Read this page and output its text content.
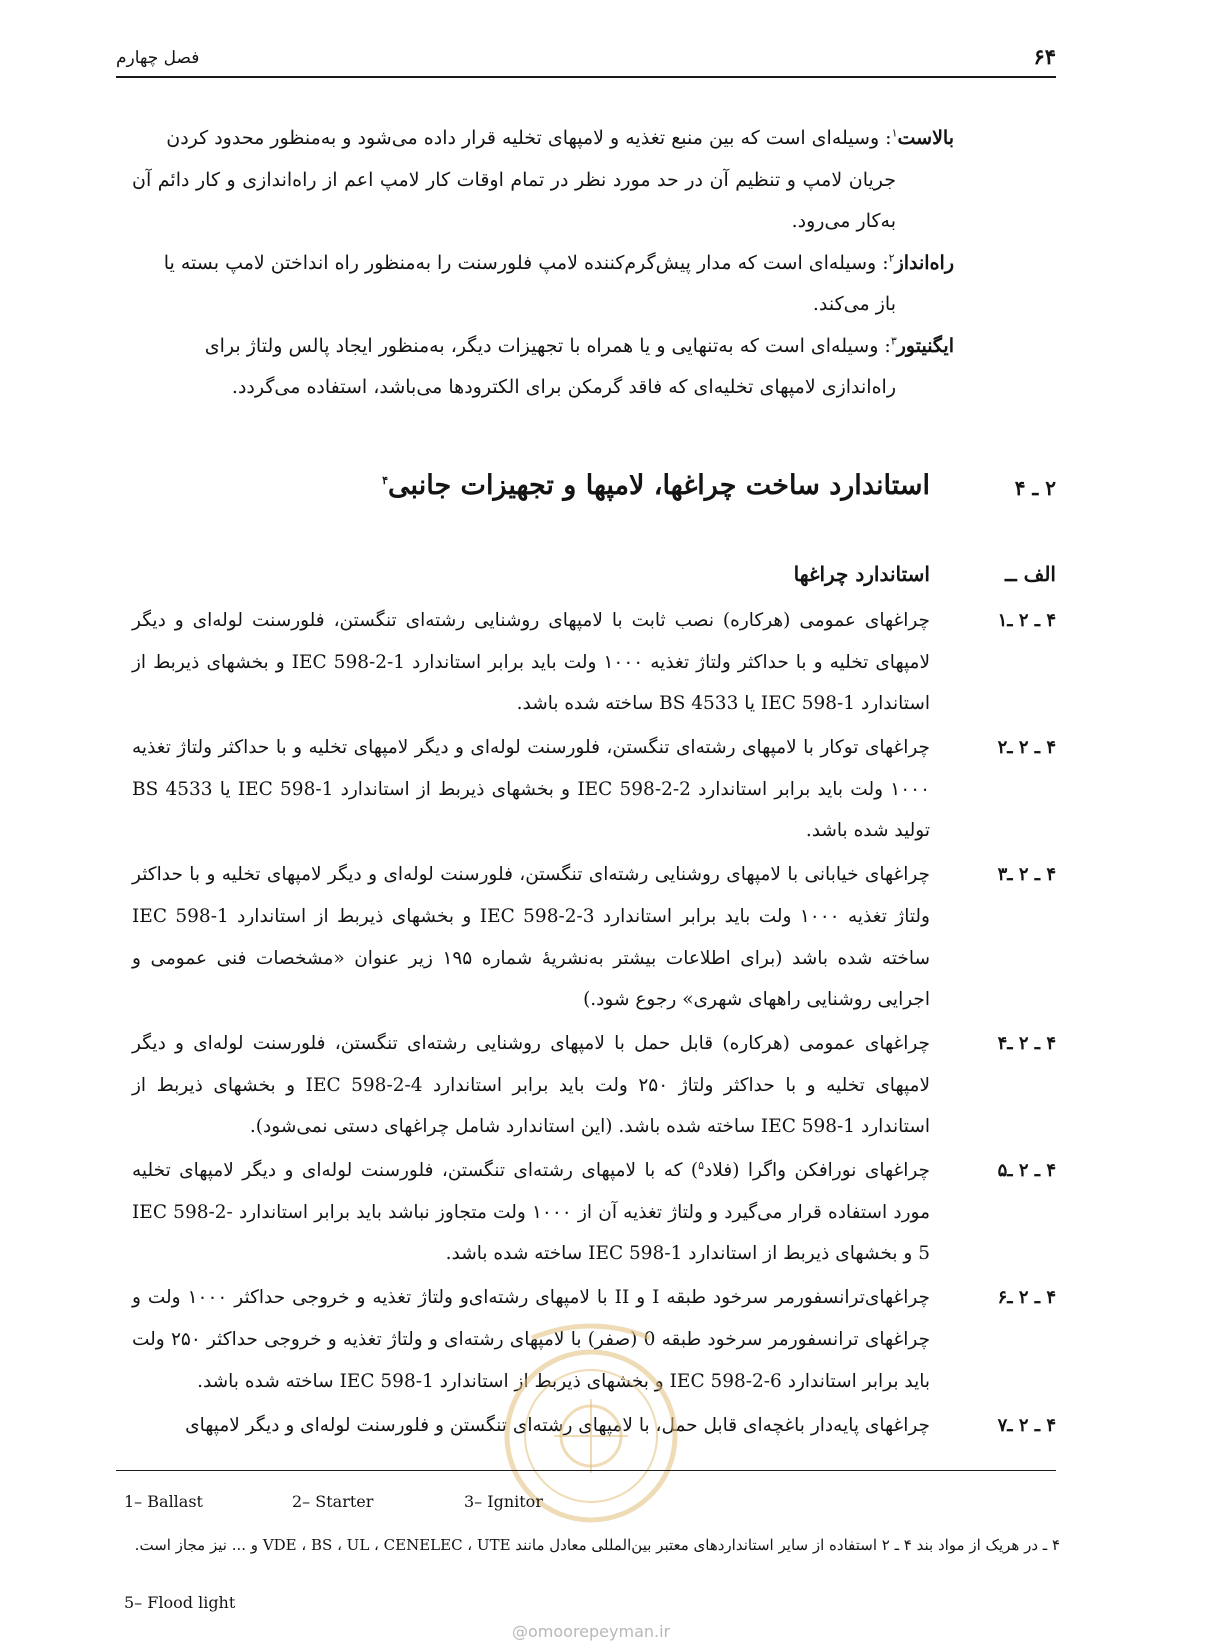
۶۴
فصل چهارم

بالاست$^۱$: وسیله‌ای است که بین منبع تغذیه و لامپهای تخلیه قرار داده می‌شود و به‌منظور محدود کردن
جریان لامپ و تنظیم آن در حد مورد نظر در تمام اوقات کار لامپ اعم از راه‌اندازی و کار دائم آن به‌کار می‌رود.

راه‌انداز$^۲$: وسیله‌ای است که مدار پیش‌گرم‌کننده لامپ فلورسنت را به‌منظور راه انداختن لامپ بسته یا
باز می‌کند.

ایگنیتور$^۳$: وسیله‌ای است که به‌تنهایی و یا همراه با تجهیزات دیگر، به‌منظور ایجاد پالس ولتاژ برای
راه‌اندازی لامپهای تخلیه‌ای که فاقد گرمکن برای الکترودها می‌باشد، استفاده می‌گردد.

۲ ـ ۴
استاندارد ساخت چراغها، لامپها و تجهیزات جانبی$^۴$
الف ــ
استاندارد چراغها

۴ ـ ۲ ـ۱
چراغهای عمومی (هرکاره) نصب ثابت با لامپهای روشنایی رشته‌ای تنگستن، فلورسنت لوله‌ای و دیگر لامپهای تخلیه و با حداکثر ولتاژ تغذیه ۱۰۰۰ ولت باید برابر استاندارد IEC 598-2-1 و بخشهای ذیربط از استاندارد IEC 598-1 یا BS 4533 ساخته شده باشد.

۴ ـ ۲ ـ۲
چراغهای توکار با لامپهای رشته‌ای تنگستن، فلورسنت لوله‌ای و دیگر لامپهای تخلیه و با حداکثر ولتاژ تغذیه ۱۰۰۰ ولت باید برابر استاندارد IEC 598-2-2 و بخشهای ذیربط از استاندارد IEC 598-1 یا BS 4533 تولید شده باشد.

۴ ـ ۲ ـ۳
چراغهای خیابانی با لامپهای روشنایی رشته‌ای تنگستن، فلورسنت لوله‌ای و دیگر لامپهای تخلیه و با حداکثر ولتاژ تغذیه ۱۰۰۰ ولت باید برابر استاندارد IEC 598-2-3 و بخشهای ذیربط از استاندارد IEC 598-1 ساخته شده باشد (برای اطلاعات بیشتر به‌نشریهٔ شماره ۱۹۵ زیر عنوان «مشخصات فنی عمومی و اجرایی روشنایی راههای شهری» رجوع شود.)

۴ ـ ۲ ـ۴
چراغهای عمومی (هرکاره) قابل حمل با لامپهای روشنایی رشته‌ای تنگستن، فلورسنت لوله‌ای و دیگر لامپهای تخلیه و با حداکثر ولتاژ ۲۵۰ ولت باید برابر استاندارد IEC 598-2-4 و بخشهای ذیربط از استاندارد IEC 598-1 ساخته شده باشد. (این استاندارد شامل چراغهای دستی نمی‌شود).

۴ ـ ۲ ـ۵
چراغهای نورافکن واگرا (فلاد$^۵$) که با لامپهای رشته‌ای تنگستن، فلورسنت لوله‌ای و دیگر لامپهای تخلیه مورد استفاده قرار می‌گیرد و ولتاژ تغذیه آن از ۱۰۰۰ ولت متجاوز نباشد باید برابر استاندارد IEC 598-2-5 و بخشهای ذیربط از استاندارد IEC 598-1 ساخته شده باشد.

۴ ـ ۲ ـ۶
چراغهای‌ترانسفورمر سرخود طبقه I و II با لامپهای رشته‌ای‌و ولتاژ تغذیه و خروجی حداکثر ۱۰۰۰ ولت و چراغهای ترانسفورمر سرخود طبقه 0 (صفر) با لامپهای رشته‌ای و ولتاژ تغذیه و خروجی حداکثر ۲۵۰ ولت باید برابر استاندارد IEC 598-2-6 و بخشهای ذیربط از استاندارد IEC 598-1 ساخته شده باشد.

۴ ـ ۲ ـ۷
چراغهای پایه‌دار باغچه‌ای قابل حمل، با لامپهای رشته‌ای تنگستن و فلورسنت لوله‌ای و دیگر لامپهای

1– Ballast	2– Starter	3– Ignitor
۴ ـ در هریک از مواد بند ۴ ـ ۲ استفاده از سایر استانداردهای معتبر بین‌المللی معادل مانند VDE ، BS ، UL ، CENELEC ، UTE و ... نیز مجاز است.
5– Flood light
@omoorepeyman.ir
